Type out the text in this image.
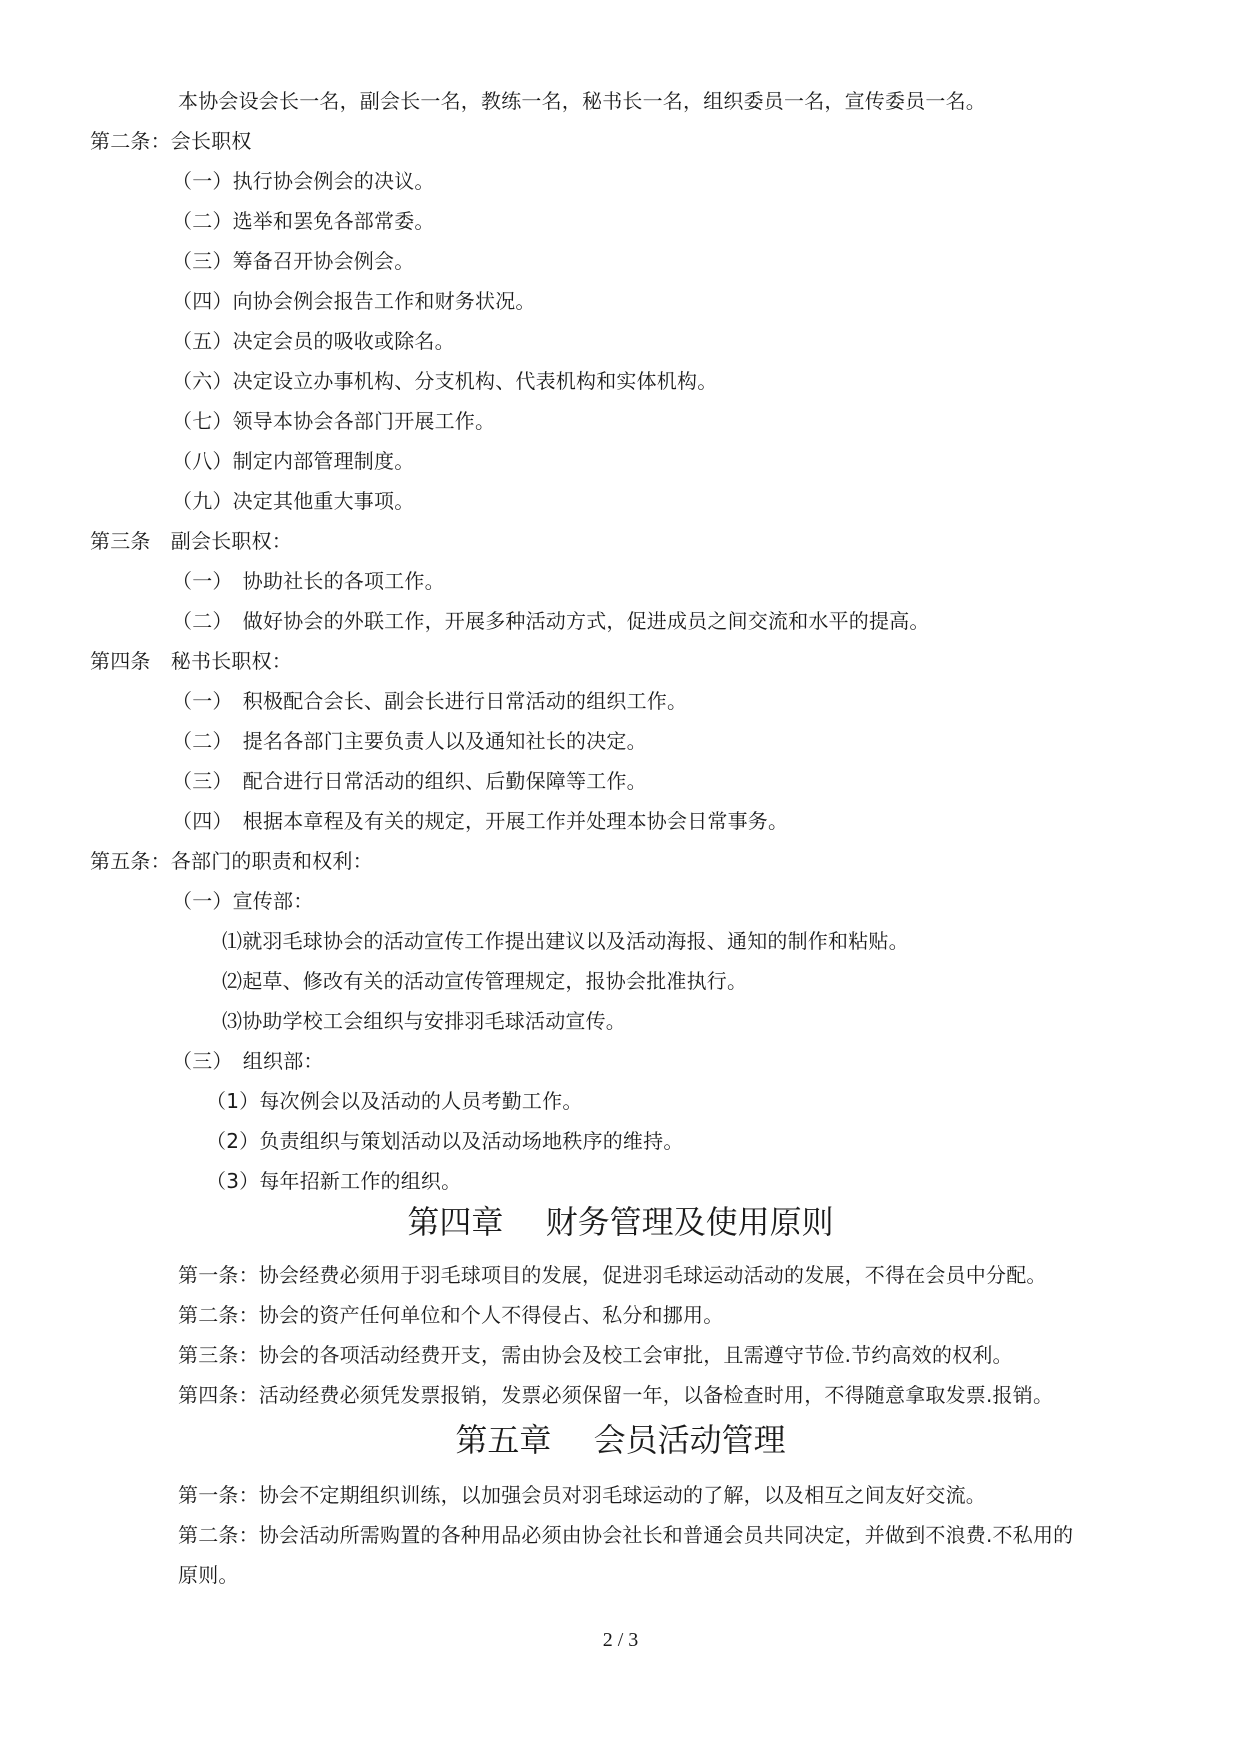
本协会设会长一名，副会长一名，教练一名，秘书长一名，组织委员一名，宣传委员一名。
第二条：会长职权
（一）执行协会例会的决议。
（二）选举和罢免各部常委。
（三）筹备召开协会例会。
（四）向协会例会报告工作和财务状况。
（五）决定会员的吸收或除名。
（六）决定设立办事机构、分支机构、代表机构和实体机构。
（七）领导本协会各部门开展工作。
（八）制定内部管理制度。
（九）决定其他重大事项。
第三条　副会长职权：
（一）　协助社长的各项工作。
（二）　做好协会的外联工作，开展多种活动方式，促进成员之间交流和水平的提高。
第四条　秘书长职权：
（一）　积极配合会长、副会长进行日常活动的组织工作。
（二）　提名各部门主要负责人以及通知社长的决定。
（三）　配合进行日常活动的组织、后勤保障等工作。
（四）　根据本章程及有关的规定，开展工作并处理本协会日常事务。
第五条：各部门的职责和权利：
（一）宣传部：
⑴就羽毛球协会的活动宣传工作提出建议以及活动海报、通知的制作和粘贴。
⑵起草、修改有关的活动宣传管理规定，报协会批准执行。
⑶协助学校工会组织与安排羽毛球活动宣传。
（三）　组织部：
（1）每次例会以及活动的人员考勤工作。
（2）负责组织与策划活动以及活动场地秩序的维持。
（3）每年招新工作的组织。
第四章　 财务管理及使用原则
第一条：协会经费必须用于羽毛球项目的发展，促进羽毛球运动活动的发展，不得在会员中分配。
第二条：协会的资产任何单位和个人不得侵占、私分和挪用。
第三条：协会的各项活动经费开支，需由协会及校工会审批，且需遵守节俭.节约高效的权利。
第四条：活动经费必须凭发票报销，发票必须保留一年，以备检查时用，不得随意拿取发票.报销。
第五章　 会员活动管理
第一条：协会不定期组织训练，以加强会员对羽毛球运动的了解，以及相互之间友好交流。
第二条：协会活动所需购置的各种用品必须由协会社长和普通会员共同决定，并做到不浪费.不私用的
原则。
2 / 3
